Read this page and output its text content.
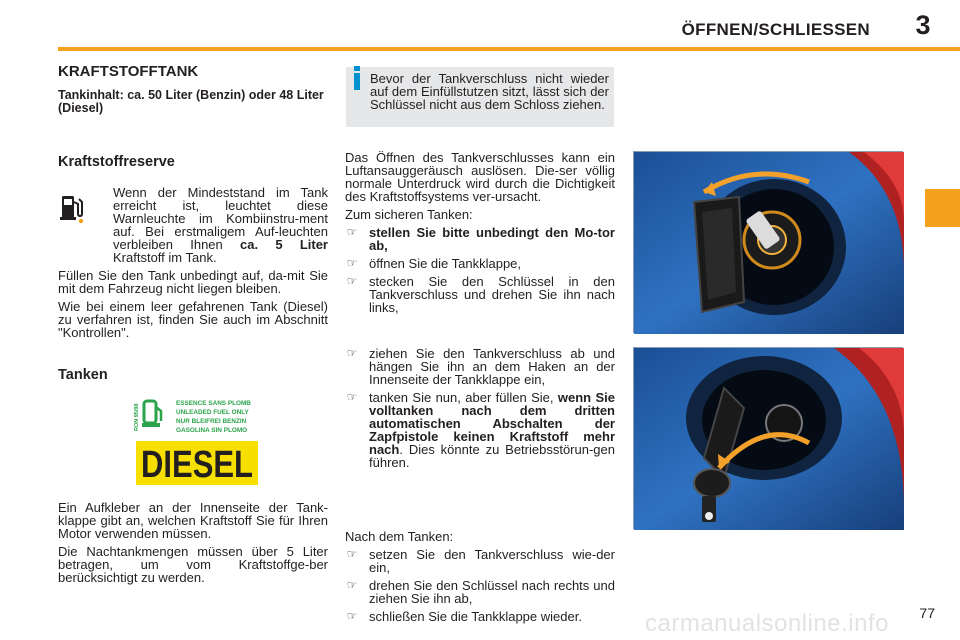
ÖFFNEN/SCHLIESSEN	3
KRAFTSTOFFTANK
Tankinhalt: ca. 50 Liter (Benzin) oder 48 Liter (Diesel)
Kraftstoffreserve

Wenn der Mindeststand im Tank erreicht ist, leuchtet diese Warnleuchte im Kombiinstru-ment auf. Bei erstmaligem Auf-leuchten verbleiben Ihnen ca. 5 Liter Kraftstoff im Tank.

Füllen Sie den Tank unbedingt auf, da-mit Sie mit dem Fahrzeug nicht liegen bleiben.

Wie bei einem leer gefahrenen Tank (Diesel) zu verfahren ist, finden Sie auch im Abschnitt "Kontrollen".

Tanken
RON 95/98	ESSENCE SANS PLOMB
UNLEADED FUEL ONLY
NUR BLEIFREI BENZIN
GASOLINA SIN PLOMO
DIESEL

Ein Aufkleber an der Innenseite der Tank-klappe gibt an, welchen Kraftstoff Sie für Ihren Motor verwenden müssen.

Die Nachtankmengen müssen über 5 Liter betragen, um vom Kraftstoffge-ber berücksichtigt zu werden.

Bevor der Tankverschluss nicht wieder auf dem Einfüllstutzen sitzt, lässt sich der Schlüssel nicht aus dem Schloss ziehen.

Das Öffnen des Tankverschlusses kann ein Luftansauggeräusch auslösen. Die-ser völlig normale Unterdruck wird durch die Dichtigkeit des Kraftstoffsystems ver-ursacht.

Zum sicheren Tanken:

☞ stellen Sie bitte unbedingt den Mo-tor ab,
☞ öffnen Sie die Tankklappe,
☞ stecken Sie den Schlüssel in den Tankverschluss und drehen Sie ihn nach links,
☞ ziehen Sie den Tankverschluss ab und hängen Sie ihn an dem Haken an der Innenseite der Tankklappe ein,
☞ tanken Sie nun, aber füllen Sie, wenn Sie volltanken nach dem dritten automatischen Abschalten der Zapfpistole keinen Kraftstoff mehr nach. Dies könnte zu Betriebsstörun-gen führen.

Nach dem Tanken:

☞ setzen Sie den Tankverschluss wie-der ein,
☞ drehen Sie den Schlüssel nach rechts und ziehen Sie ihn ab,
☞ schließen Sie die Tankklappe wieder.	77
carmanualsonline.info
